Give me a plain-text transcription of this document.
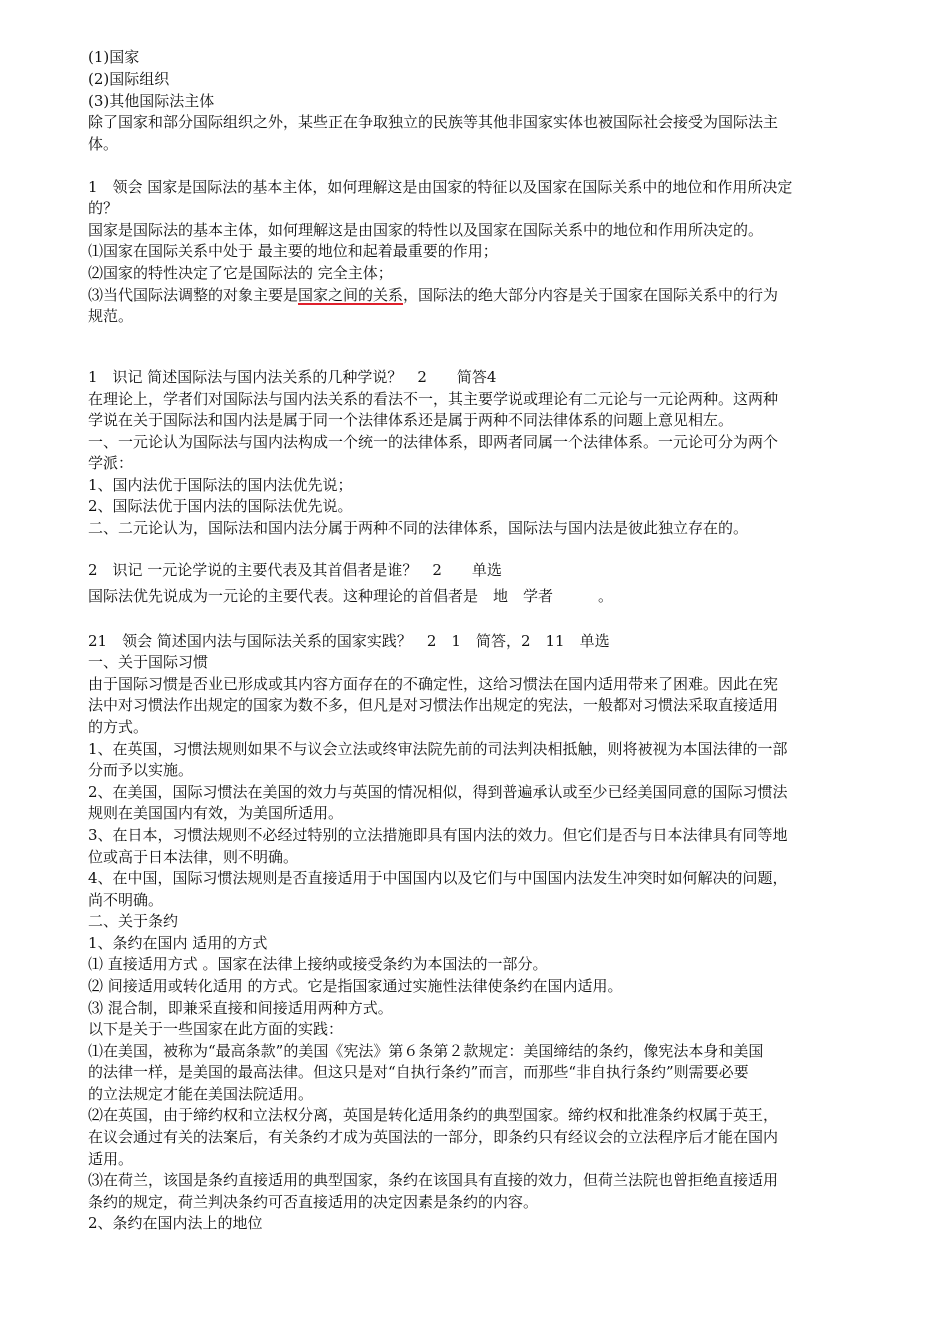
(1)国家
(2)国际组织
(3)其他国际法主体
除了国家和部分国际组织之外，某些正在争取独立的民族等其他非国家实体也被国际社会接受为国际法主
体。
1　领会 国家是国际法的基本主体，如何理解这是由国家的特征以及国家在国际关系中的地位和作用所决定
的？
国家是国际法的基本主体，如何理解这是由国家的特性以及国家在国际关系中的地位和作用所决定的。
⑴国家在国际关系中处于 最主要的地位和起着最重要的作用；
⑵国家的特性决定了它是国际法的 完全主体；
⑶当代国际法调整的对象主要是国家之间的关系，国际法的绝大部分内容是关于国家在国际关系中的行为
规范。
1　识记 简述国际法与国内法关系的几种学说？　2　　简答4
在理论上，学者们对国际法与国内法关系的看法不一，其主要学说或理论有二元论与一元论两种。这两种
学说在关于国际法和国内法是属于同一个法律体系还是属于两种不同法律体系的问题上意见相左。
一、一元论认为国际法与国内法构成一个统一的法律体系，即两者同属一个法律体系。一元论可分为两个
学派：
1、国内法优于国际法的国内法优先说；
2、国际法优于国内法的国际法优先说。
二、二元论认为，国际法和国内法分属于两种不同的法律体系，国际法与国内法是彼此独立存在的。
2　识记 一元论学说的主要代表及其首倡者是谁？　2　　单选
国际法优先说成为一元论的主要代表。这种理论的首倡者是　地　学者　　　。
21　领会 简述国内法与国际法关系的国家实践？　2　1　简答，2　11　单选
一、关于国际习惯
由于国际习惯是否业已形成或其内容方面存在的不确定性，这给习惯法在国内适用带来了困难。因此在宪
法中对习惯法作出规定的国家为数不多，但凡是对习惯法作出规定的宪法，一般都对习惯法采取直接适用
的方式。
1、在英国，习惯法规则如果不与议会立法或终审法院先前的司法判决相抵触，则将被视为本国法律的一部
分而予以实施。
2、在美国，国际习惯法在美国的效力与英国的情况相似，得到普遍承认或至少已经美国同意的国际习惯法
规则在美国国内有效，为美国所适用。
3、在日本，习惯法规则不必经过特别的立法措施即具有国内法的效力。但它们是否与日本法律具有同等地
位或高于日本法律，则不明确。
4、在中国，国际习惯法规则是否直接适用于中国国内以及它们与中国国内法发生冲突时如何解决的问题，
尚不明确。
二、关于条约
1、条约在国内 适用的方式
⑴ 直接适用方式 。国家在法律上接纳或接受条约为本国法的一部分。
⑵ 间接适用或转化适用 的方式。它是指国家通过实施性法律使条约在国内适用。
⑶ 混合制，即兼采直接和间接适用两种方式。
以下是关于一些国家在此方面的实践：
⑴在美国，被称为“最高条款”的美国《宪法》第６条第２款规定：美国缔结的条约，像宪法本身和美国
的法律一样，是美国的最高法律。但这只是对“自执行条约”而言，而那些“非自执行条约”则需要必要
的立法规定才能在美国法院适用。
⑵在英国，由于缔约权和立法权分离，英国是转化适用条约的典型国家。缔约权和批准条约权属于英王，
在议会通过有关的法案后，有关条约才成为英国法的一部分，即条约只有经议会的立法程序后才能在国内
适用。
⑶在荷兰，该国是条约直接适用的典型国家，条约在该国具有直接的效力，但荷兰法院也曾拒绝直接适用
条约的规定，荷兰判决条约可否直接适用的决定因素是条约的内容。
2、条约在国内法上的地位
